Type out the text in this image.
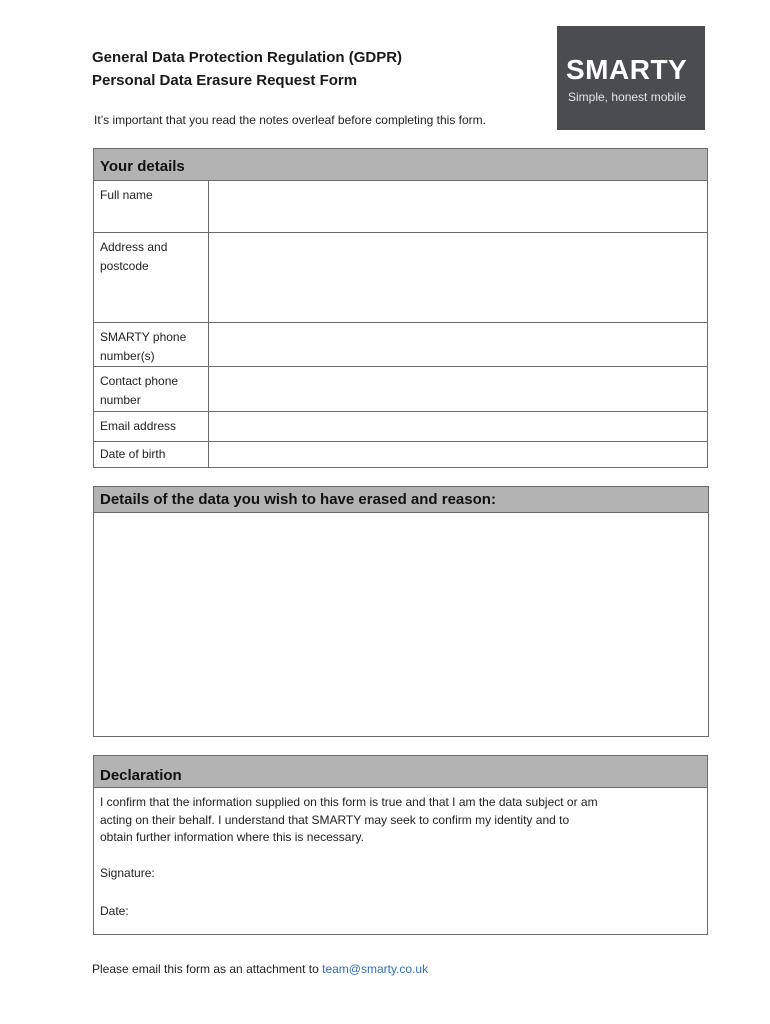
General Data Protection Regulation (GDPR)
Personal Data Erasure Request Form
It’s important that you read the notes overleaf before completing this form.
SMARTY
Simple, honest mobile
Your details
Full name
Address and
postcode
SMARTY phone
number(s)
Contact phone
number
Email address
Date of birth
Details of the data you wish to have erased and reason:
Declaration
I confirm that the information supplied on this form is true and that I am the data subject or am
acting on their behalf. I understand that SMARTY may seek to confirm my identity and to
obtain further information where this is necessary.
Signature:
Date:
Please email this form as an attachment to team@smarty.co.uk
